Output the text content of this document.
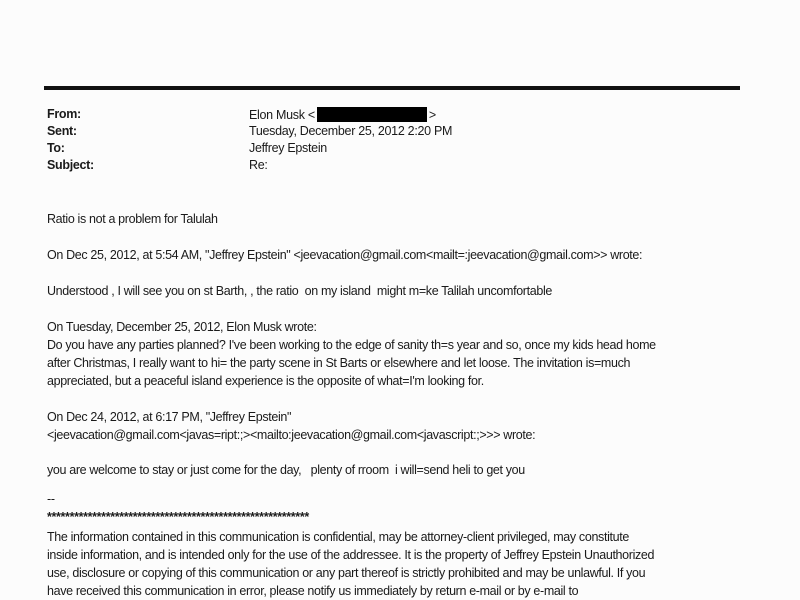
From:	Elon Musk <	>
Sent:	Tuesday, December 25, 2012 2:20 PM
To:	Jeffrey Epstein
Subject:	Re:
Ratio is not a problem for Talulah
On Dec 25, 2012, at 5:54 AM, "Jeffrey Epstein" <jeevacation@gmail.com<mailt=:jeevacation@gmail.com>> wrote:
Understood , I will see you on st Barth, , the ratio  on my island  might m=ke Talilah uncomfortable
On Tuesday, December 25, 2012, Elon Musk wrote:
Do you have any parties planned? I've been working to the edge of sanity th=s year and so, once my kids head home
after Christmas, I really want to hi= the party scene in St Barts or elsewhere and let loose. The invitation is=much
appreciated, but a peaceful island experience is the opposite of what=I'm looking for.
On Dec 24, 2012, at 6:17 PM, "Jeffrey Epstein"
<jeevacation@gmail.com<javas=ript:;><mailto:jeevacation@gmail.com<javascript:;>>> wrote:
you are welcome to stay or just come for the day,   plenty of rroom  i will=send heli to get you
--
**********************************************************
The information contained in this communication is confidential, may be attorney-client privileged, may constitute
inside information, and is intended only for the use of the addressee. It is the property of Jeffrey Epstein Unauthorized
use, disclosure or copying of this communication or any part thereof is strictly prohibited and may be unlawful. If you
have received this communication in error, please notify us immediately by return e-mail or by e-mail to
